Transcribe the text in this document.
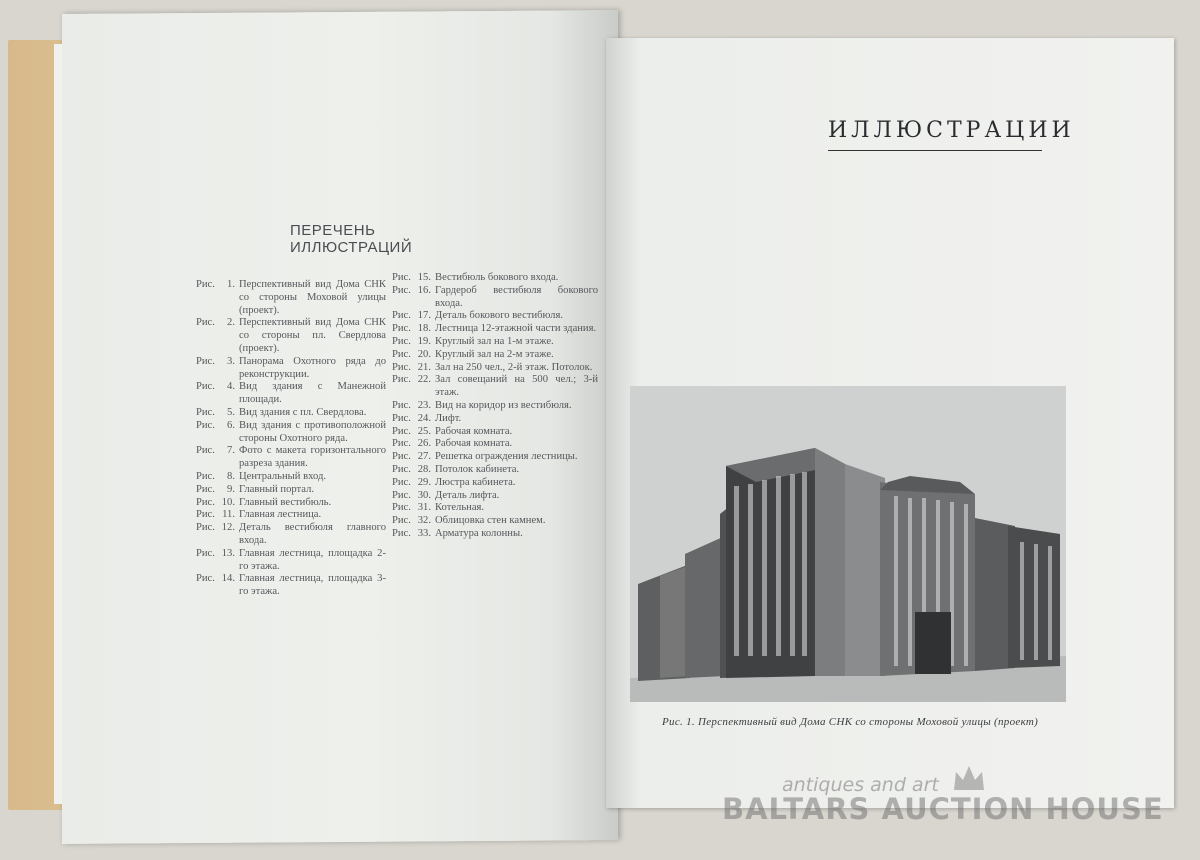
ПЕРЕЧЕНЬ ИЛЛЮСТРАЦИЙ
Рис.	1. Перспективный вид Дома СНК со стороны Моховой улицы (проект).
Рис.	2. Перспективный вид Дома СНК со стороны пл. Свердлова (проект).
Рис.	3. Панорама Охотного ряда до реконструкции.
Рис.	4. Вид здания с Манежной площади.
Рис.	5. Вид здания с пл. Свердлова.
Рис.	6. Вид здания с противоположной стороны Охотного ряда.
Рис.	7. Фото с макета горизонтального разреза здания.
Рис.	8. Центральный вход.
Рис.	9. Главный портал.
Рис. 10. Главный вестибюль.
Рис. 11. Главная лестница.
Рис. 12. Деталь вестибюля главного входа.
Рис. 13. Главная лестница, площадка 2-го этажа.
Рис. 14. Главная лестница, площадка 3-го этажа.
Рис. 15. Вестибюль бокового входа.
Рис. 16. Гардероб вестибюля бокового входа.
Рис. 17. Деталь бокового вестибюля.
Рис. 18. Лестница 12-этажной части здания.
Рис. 19. Круглый зал на 1-м этаже.
Рис. 20. Круглый зал на 2-м этаже.
Рис. 21. Зал на 250 чел., 2-й этаж. Потолок.
Рис. 22. Зал совещаний на 500 чел.; 3-й этаж.
Рис. 23. Вид на коридор из вестибюля.
Рис. 24. Лифт.
Рис. 25. Рабочая комната.
Рис. 26. Рабочая комната.
Рис. 27. Решетка ограждения лестницы.
Рис. 28. Потолок кабинета.
Рис. 29. Люстра кабинета.
Рис. 30. Деталь лифта.
Рис. 31. Котельная.
Рис. 32. Облицовка стен камнем.
Рис. 33. Арматура колонны.
ИЛЛЮСТРАЦИИ
Рис. 1. Перспективный вид Дома СНК со стороны Моховой улицы (проект)
antiques and art
BALTARS AUCTION HOUSE
